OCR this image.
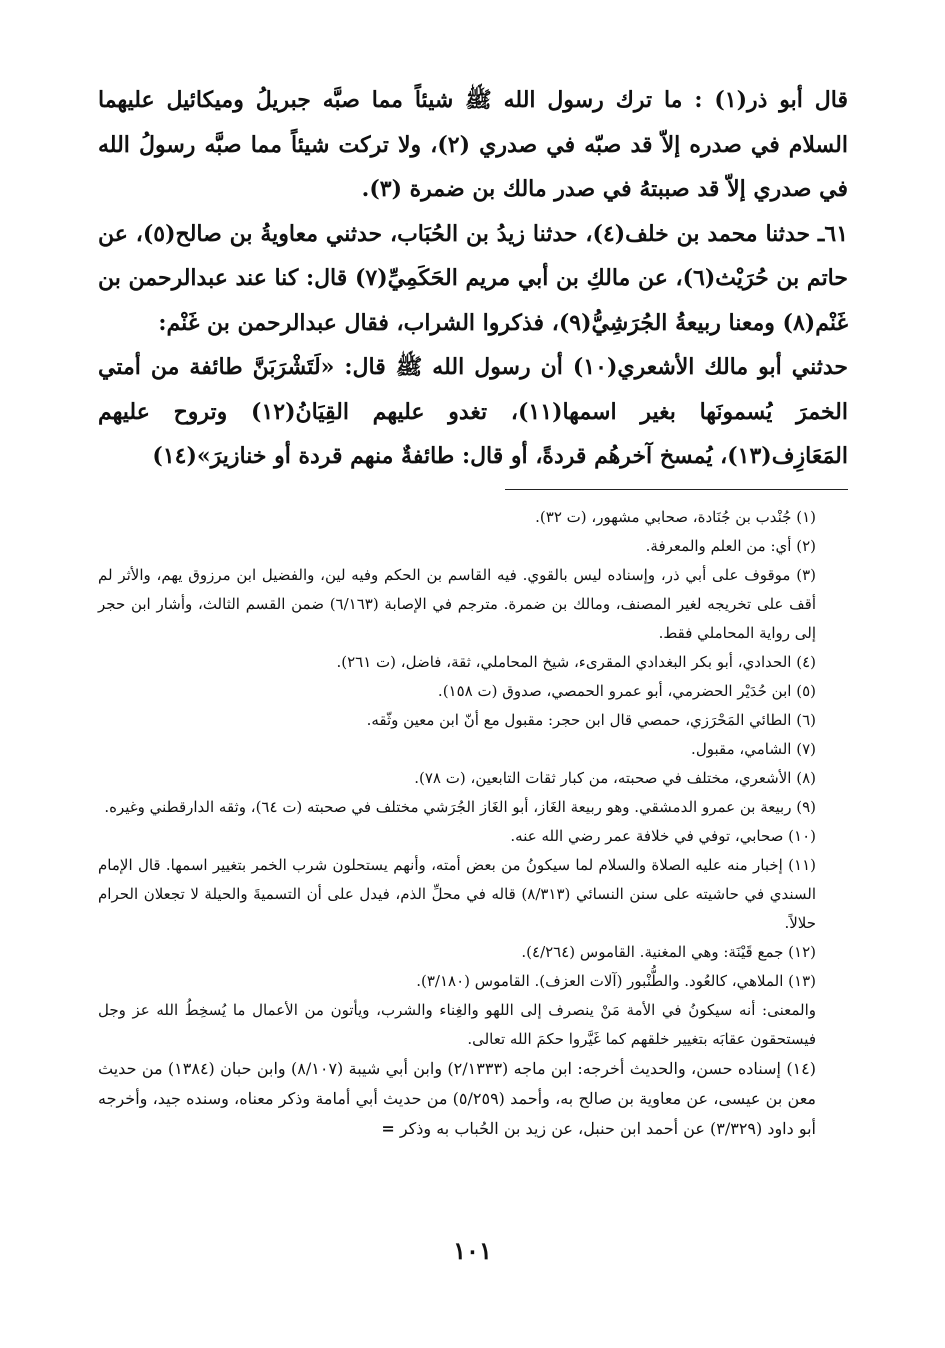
قال أبو ذر(١) : ما ترك رسول الله ﷺ شيئاً مما صبَّه جبريلُ وميكائيل عليهما السلام في صدره إلاّ قد صبّه في صدري (٢)، ولا تركت شيئاً مما صبَّه رسولُ الله في صدري إلاّ قد صببتهُ في صدر مالك بن ضمرة (٣).

٦١ـ حدثنا محمد بن خلف(٤)، حدثنا زيدُ بن الحُبَاب، حدثني معاويةُ بن صالح(٥)، عن حاتم بن حُرَيْث(٦)، عن مالكِ بن أبي مريم الحَكَمِيِّ(٧) قال: كنا عند عبدالرحمن بن غَنْم(٨) ومعنا ربيعةُ الجُرَشِيُّ(٩)، فذكروا الشراب، فقال عبدالرحمن بن غَنْم:

حدثني أبو مالك الأشعري(١٠) أن رسول الله ﷺ قال: «لَتَشْرَبَنَّ طائفة من أمتي الخمرَ يُسمونَها بغير اسمها(١١)، تغدو عليهم القِيَانُ(١٢) وتروح عليهم المَعَازِف(١٣)، يُمسخ آخرهُم قردةً، أو قال: طائفةٌ منهم قردة أو خنازيرَ»(١٤)

(١) جُنْدب بن جُنَادة، صحابي مشهور، (ت ٣٢).

(٢) أي: من العلم والمعرفة.

(٣) موقوف على أبي ذر، وإسناده ليس بالقوي. فيه القاسم بن الحكم وفيه لين، والفضيل ابن مرزوق يهم، والأثر لم أقف على تخريجه لغير المصنف، ومالك بن ضمرة. مترجم في الإصابة (٦/١٦٣) ضمن القسم الثالث، وأشار ابن حجر إلى رواية المحاملي فقط.

(٤) الحدادي، أبو بكر البغدادي المقرىء، شيخ المحاملي، ثقة، فاضل، (ت ٢٦١).

(٥) ابن حُدَيْر الحضرمي، أبو عمرو الحمصي، صدوق (ت ١٥٨).

(٦) الطائي المَحْرَزي، حمصي قال ابن حجر: مقبول مع أنّ ابن معين وثّقه.

(٧) الشامي، مقبول.

(٨) الأشعري، مختلف في صحبته، من كبار ثقات التابعين، (ت ٧٨).

(٩) ربيعة بن عمرو الدمشقي. وهو ربيعة الغَاز، أبو الغَاز الجُرَشي مختلف في صحبته (ت ٦٤)، وثقه الدارقطني وغيره.

(١٠) صحابي، توفي في خلافة عمر رضي الله عنه.

(١١) إخبار منه عليه الصلاة والسلام لما سيكونُ من بعض أمته، وأنهم يستحلون شرب الخمر بتغيير اسمها. قال الإمام السندي في حاشيته على سنن النسائي (٨/٣١٣) قاله في محلِّ الذم، فيدل على أن التسميةَ والحيلة لا تجعلان الحرام حلالاً.

(١٢) جمع قَيْنَة: وهي المغنية. القاموس (٤/٢٦٤).

(١٣) الملاهي، كالعُود. والطُّنْبور (آلات العزف). القاموس (٣/١٨٠).

والمعنى: أنه سيكونُ في الأمة مَنْ ينصرف إلى اللهو والغِناء والشرب، ويأتون من الأعمال ما يُسخِطُ الله عز وجل فيستحقون عقابَه بتغيير خلقهم كما غَيَّروا حكمَ الله تعالى.

(١٤) إسناده حسن، والحديث أخرجه: ابن ماجه (٢/١٣٣٣) وابن أبي شيبة (٨/١٠٧) وابن حبان (١٣٨٤) من حديث معن بن عيسى، عن معاوية بن صالح به، وأحمد (٥/٢٥٩) من حديث أبي أمامة وذكر معناه، وسنده جيد، وأخرجه أبو داود (٣/٣٢٩) عن أحمد ابن حنبل، عن زيد بن الحُباب به وذكر =

١٠١
